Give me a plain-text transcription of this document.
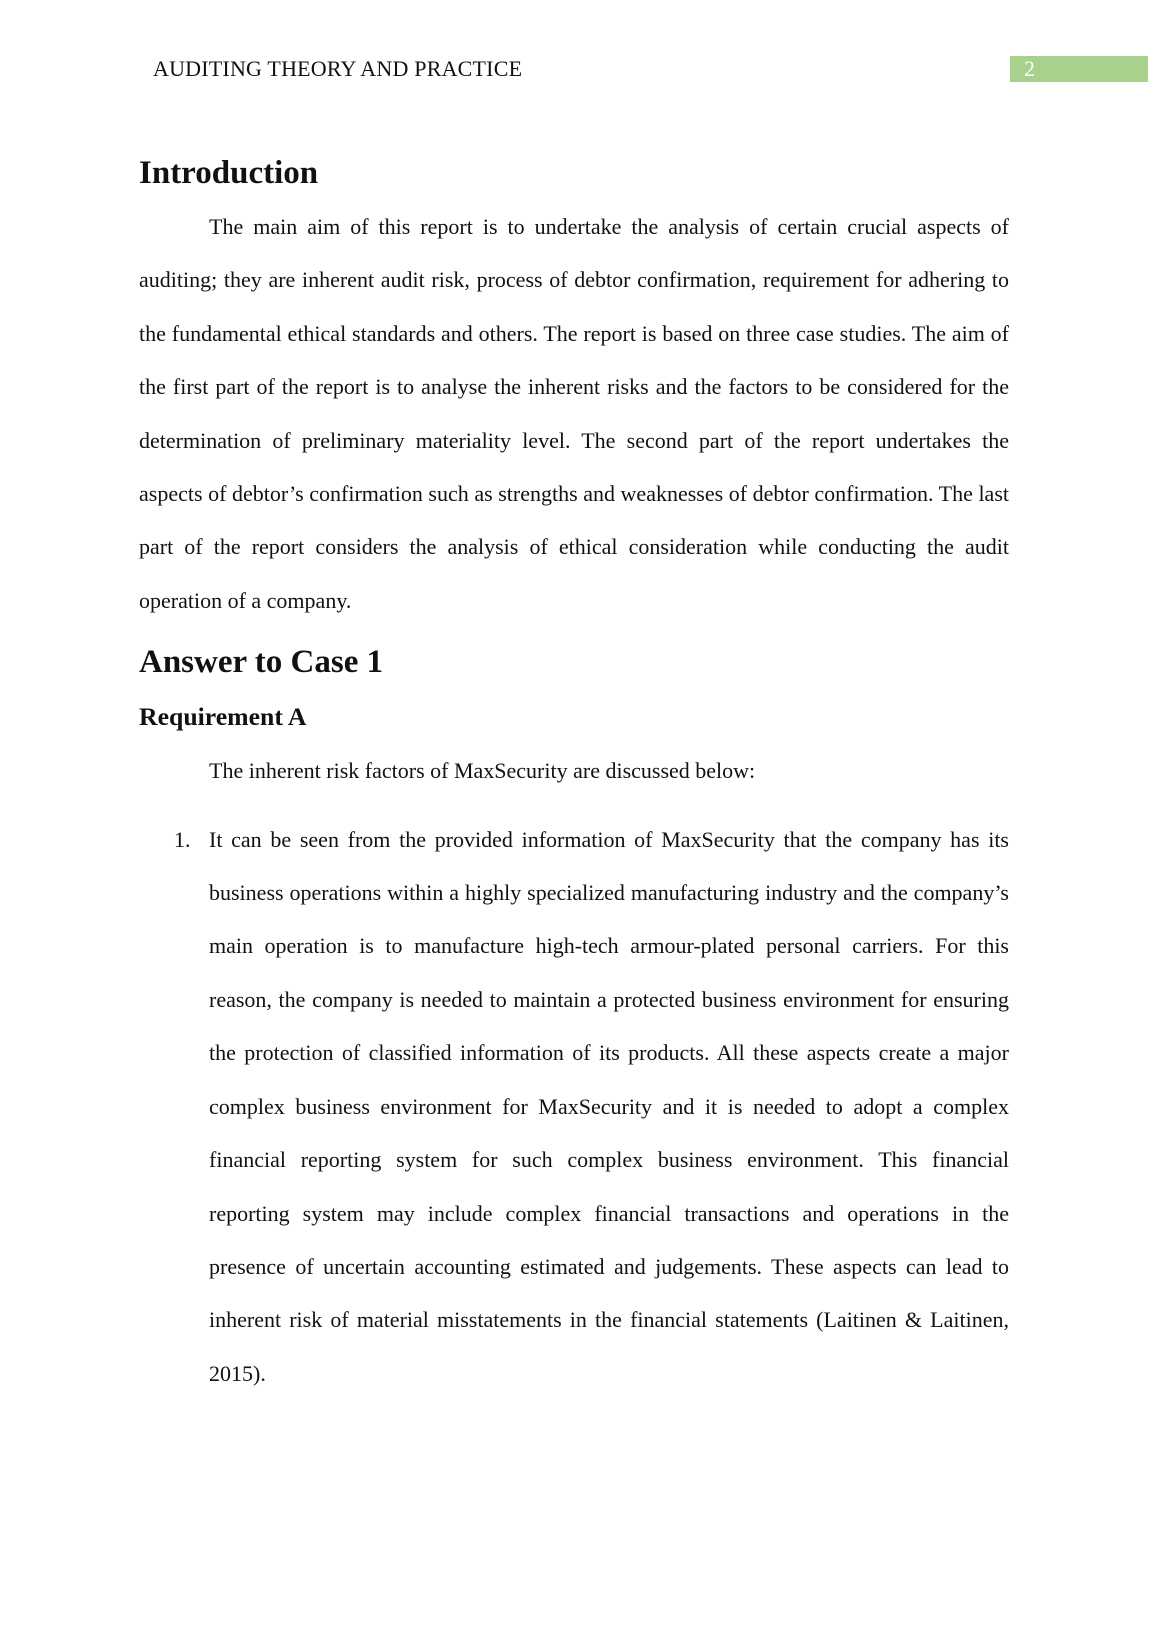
AUDITING THEORY AND PRACTICE	2
Introduction

The main aim of this report is to undertake the analysis of certain crucial aspects of auditing; they are inherent audit risk, process of debtor confirmation, requirement for adhering to the fundamental ethical standards and others. The report is based on three case studies. The aim of the first part of the report is to analyse the inherent risks and the factors to be considered for the determination of preliminary materiality level. The second part of the report undertakes the aspects of debtor’s confirmation such as strengths and weaknesses of debtor confirmation. The last part of the report considers the analysis of ethical consideration while conducting the audit operation of a company.

Answer to Case 1
Requirement A

The inherent risk factors of MaxSecurity are discussed below:

1. It can be seen from the provided information of MaxSecurity that the company has its business operations within a highly specialized manufacturing industry and the company’s main operation is to manufacture high-tech armour-plated personal carriers. For this reason, the company is needed to maintain a protected business environment for ensuring the protection of classified information of its products. All these aspects create a major complex business environment for MaxSecurity and it is needed to adopt a complex financial reporting system for such complex business environment. This financial reporting system may include complex financial transactions and operations in the presence of uncertain accounting estimated and judgements. These aspects can lead to inherent risk of material misstatements in the financial statements (Laitinen & Laitinen, 2015).
